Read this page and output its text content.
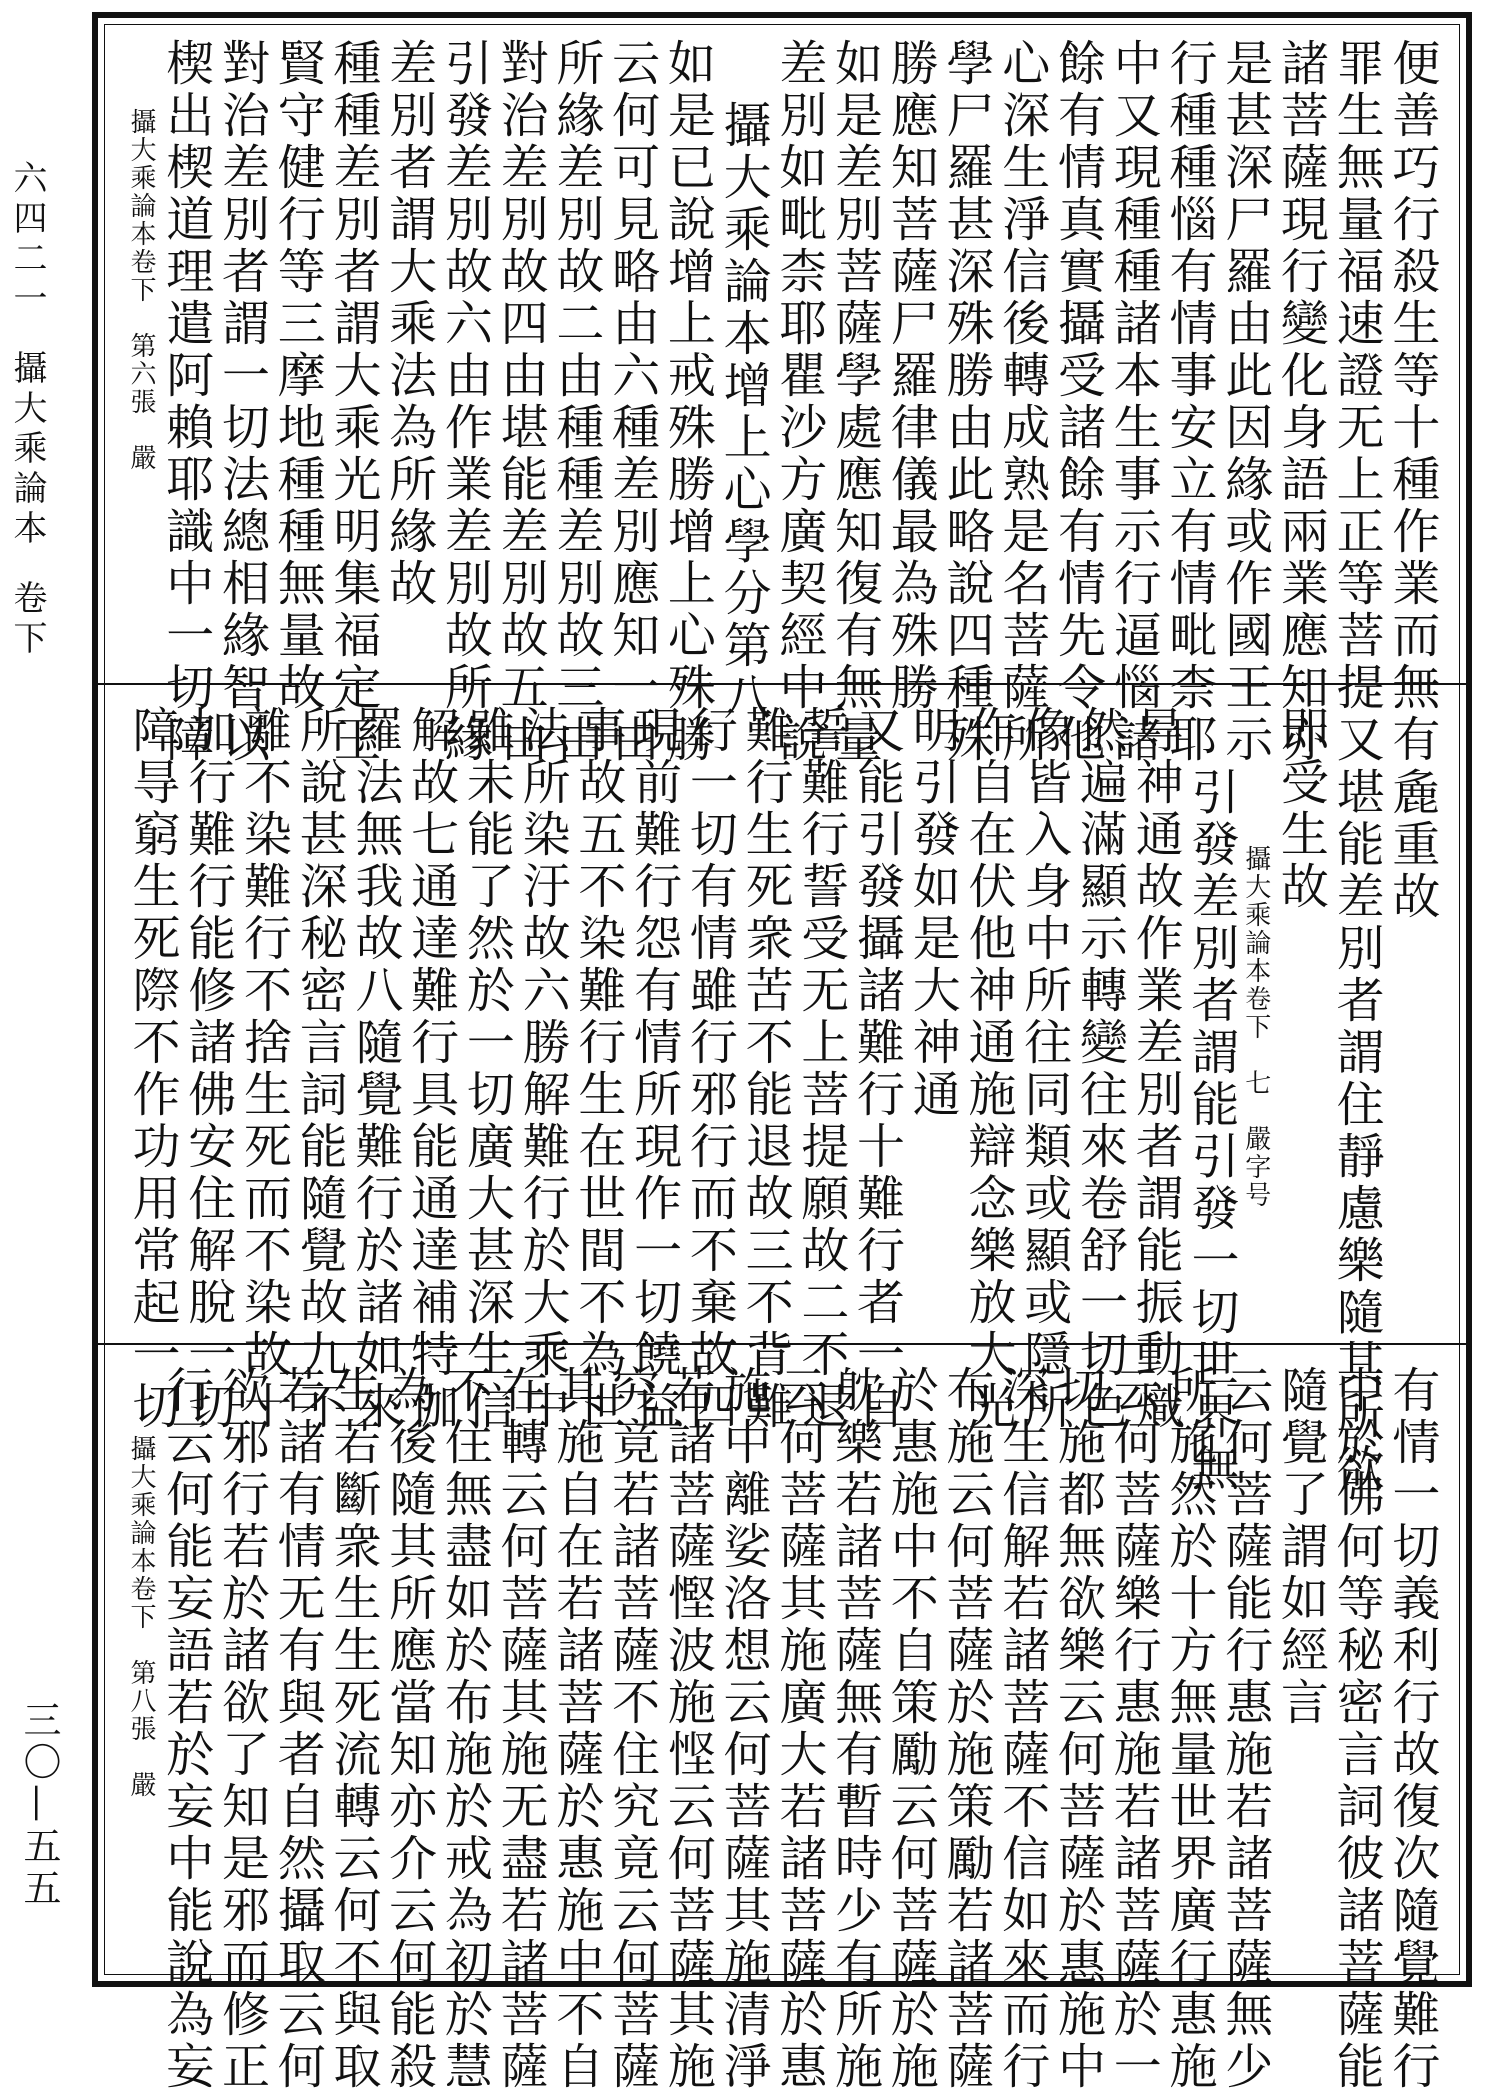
六四二一攝大乘論本卷下
三〇—五五
便善巧行殺生等十種作業而無有
罪生無量福速證无上正等菩提又
諸菩薩現行變化身語兩業應知亦
是甚深尸羅由此因緣或作國王示
行種種惱有情事安立有情毗柰耶
中又現種種諸本生事示行逼惱諸
餘有情真實攝受諸餘有情先令他
心深生淨信後轉成熟是名菩薩所
學尸羅甚深殊勝由此略說四種殊
勝應知菩薩尸羅律儀最為殊勝
如是差別菩薩學處應知復有無量
差別如毗柰耶瞿沙方廣契經中說
攝大乘論本增上心學分第八
如是已說增上戒殊勝增上心殊勝
云何可見略由六種差別應知一由
所緣差別故二由種種差別故三由
對治差別故四由堪能差別故五由
引發差別故六由作業差別故所緣
差別者謂大乘法為所緣故
種種差別者謂大乘光明集福定王
賢守健行等三摩地種種無量故
對治差別者謂一切法總相緣智以
楔出楔道理遣阿賴耶識中一切障
攝大乘論本卷下　第六張　嚴
麁重故
堪能差別者謂住靜慮樂隨其所欲
即受生故
攝大乘論本卷下　七　嚴字号
引發差別者謂能引發一切世界無
㝵神通故作業差別者謂能振動熾
然遍滿顯示轉變往來卷舒一切色
像皆入身中所往同類或顯或隱所
作自在伏他神通施辯念樂放大光
明引發如是大神通
又能引發攝諸難行十難行者一自
誓難行誓受无上菩提願故二不退
難行生死衆苦不能退故三不背難
行一切有情雖行邪行而不棄故四
現前難行怨有情所現作一切饒益
事故五不染難行生在世間不為世
法所染汙故六勝解難行於大乘中
雖未能了然於一切廣大甚深生信
解故七通達難行具能通達補特伽
羅法無我故八隨覺難行於諸如來
所說甚深秘密言詞能隨覺故九不
離不染難行不捨生死而不染故十
加行難行能修諸佛安住解脫一切
障㝵窮生死際不作功用常起一切
有情一切義利行故復次隨覺難行
中於佛何等秘密言詞彼諸菩薩能
隨覺了謂如經言
云何菩薩能行惠施若諸菩薩無少
所施然於十方無量世界廣行惠施
云何菩薩樂行惠施若諸菩薩於一
切施都無欲樂云何菩薩於惠施中
深生信解若諸菩薩不信如來而行
布施云何菩薩於施策勵若諸菩薩
於惠施中不自策勵云何菩薩於施
躭樂若諸菩薩無有暫時少有所施
云何菩薩其施廣大若諸菩薩於惠
施中離娑洛想云何菩薩其施清淨
若諸菩薩慳波施悭云何菩薩其施
究竟若諸菩薩不住究竟云何菩薩
其施自在若諸菩薩於惠施中不自
在轉云何菩薩其施无盡若諸菩薩
不住無盡如於布施於戒為初於慧
為後隨其所應當知亦介云何能殺
生若斷衆生生死流轉云何不與取
若諸有情无有與者自然攝取云何
欲邪行若於諸欲了知是邪而修正
行云何能妄語若於妄中能說為妄
攝大乘論本卷下　第八張　嚴
